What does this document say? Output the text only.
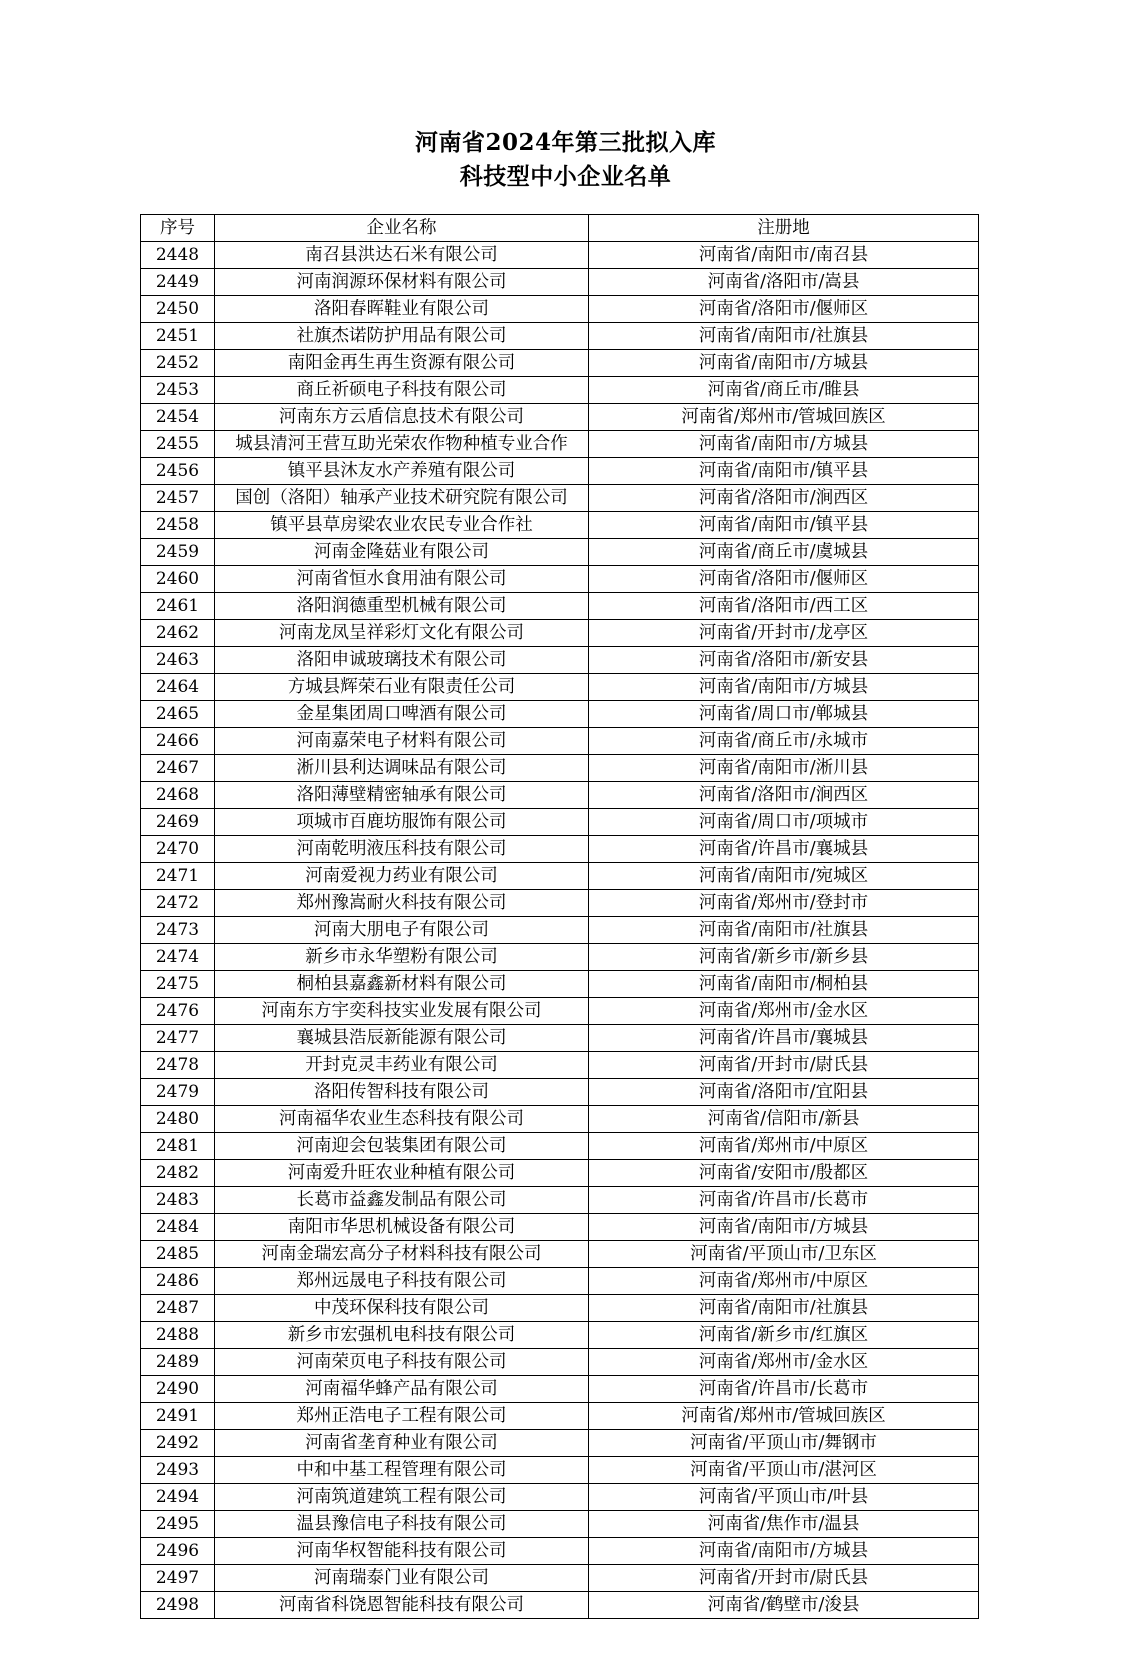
河南省2024年第三批拟入库
科技型中小企业名单
序号	企业名称	注册地
2448	南召县洪达石米有限公司	河南省/南阳市/南召县
2449	河南润源环保材料有限公司	河南省/洛阳市/嵩县
2450	洛阳春晖鞋业有限公司	河南省/洛阳市/偃师区
2451	社旗杰诺防护用品有限公司	河南省/南阳市/社旗县
2452	南阳金再生再生资源有限公司	河南省/南阳市/方城县
2453	商丘祈硕电子科技有限公司	河南省/商丘市/睢县
2454	河南东方云盾信息技术有限公司	河南省/郑州市/管城回族区
2455	城县清河王营互助光荣农作物种植专业合作	河南省/南阳市/方城县
2456	镇平县沐友水产养殖有限公司	河南省/南阳市/镇平县
2457	国创（洛阳）轴承产业技术研究院有限公司	河南省/洛阳市/涧西区
2458	镇平县草房梁农业农民专业合作社	河南省/南阳市/镇平县
2459	河南金隆菇业有限公司	河南省/商丘市/虞城县
2460	河南省恒水食用油有限公司	河南省/洛阳市/偃师区
2461	洛阳润德重型机械有限公司	河南省/洛阳市/西工区
2462	河南龙凤呈祥彩灯文化有限公司	河南省/开封市/龙亭区
2463	洛阳申诚玻璃技术有限公司	河南省/洛阳市/新安县
2464	方城县辉荣石业有限责任公司	河南省/南阳市/方城县
2465	金星集团周口啤酒有限公司	河南省/周口市/郸城县
2466	河南嘉荣电子材料有限公司	河南省/商丘市/永城市
2467	淅川县利达调味品有限公司	河南省/南阳市/淅川县
2468	洛阳薄壁精密轴承有限公司	河南省/洛阳市/涧西区
2469	项城市百鹿坊服饰有限公司	河南省/周口市/项城市
2470	河南乾明液压科技有限公司	河南省/许昌市/襄城县
2471	河南爱视力药业有限公司	河南省/南阳市/宛城区
2472	郑州豫嵩耐火科技有限公司	河南省/郑州市/登封市
2473	河南大朋电子有限公司	河南省/南阳市/社旗县
2474	新乡市永华塑粉有限公司	河南省/新乡市/新乡县
2475	桐柏县嘉鑫新材料有限公司	河南省/南阳市/桐柏县
2476	河南东方宇奕科技实业发展有限公司	河南省/郑州市/金水区
2477	襄城县浩辰新能源有限公司	河南省/许昌市/襄城县
2478	开封克灵丰药业有限公司	河南省/开封市/尉氏县
2479	洛阳传智科技有限公司	河南省/洛阳市/宜阳县
2480	河南福华农业生态科技有限公司	河南省/信阳市/新县
2481	河南迎会包装集团有限公司	河南省/郑州市/中原区
2482	河南爱升旺农业种植有限公司	河南省/安阳市/殷都区
2483	长葛市益鑫发制品有限公司	河南省/许昌市/长葛市
2484	南阳市华思机械设备有限公司	河南省/南阳市/方城县
2485	河南金瑞宏高分子材料科技有限公司	河南省/平顶山市/卫东区
2486	郑州远晟电子科技有限公司	河南省/郑州市/中原区
2487	中茂环保科技有限公司	河南省/南阳市/社旗县
2488	新乡市宏强机电科技有限公司	河南省/新乡市/红旗区
2489	河南荣页电子科技有限公司	河南省/郑州市/金水区
2490	河南福华蜂产品有限公司	河南省/许昌市/长葛市
2491	郑州正浩电子工程有限公司	河南省/郑州市/管城回族区
2492	河南省垄育种业有限公司	河南省/平顶山市/舞钢市
2493	中和中基工程管理有限公司	河南省/平顶山市/湛河区
2494	河南筑道建筑工程有限公司	河南省/平顶山市/叶县
2495	温县豫信电子科技有限公司	河南省/焦作市/温县
2496	河南华权智能科技有限公司	河南省/南阳市/方城县
2497	河南瑞泰门业有限公司	河南省/开封市/尉氏县
2498	河南省科饶恩智能科技有限公司	河南省/鹤壁市/浚县
